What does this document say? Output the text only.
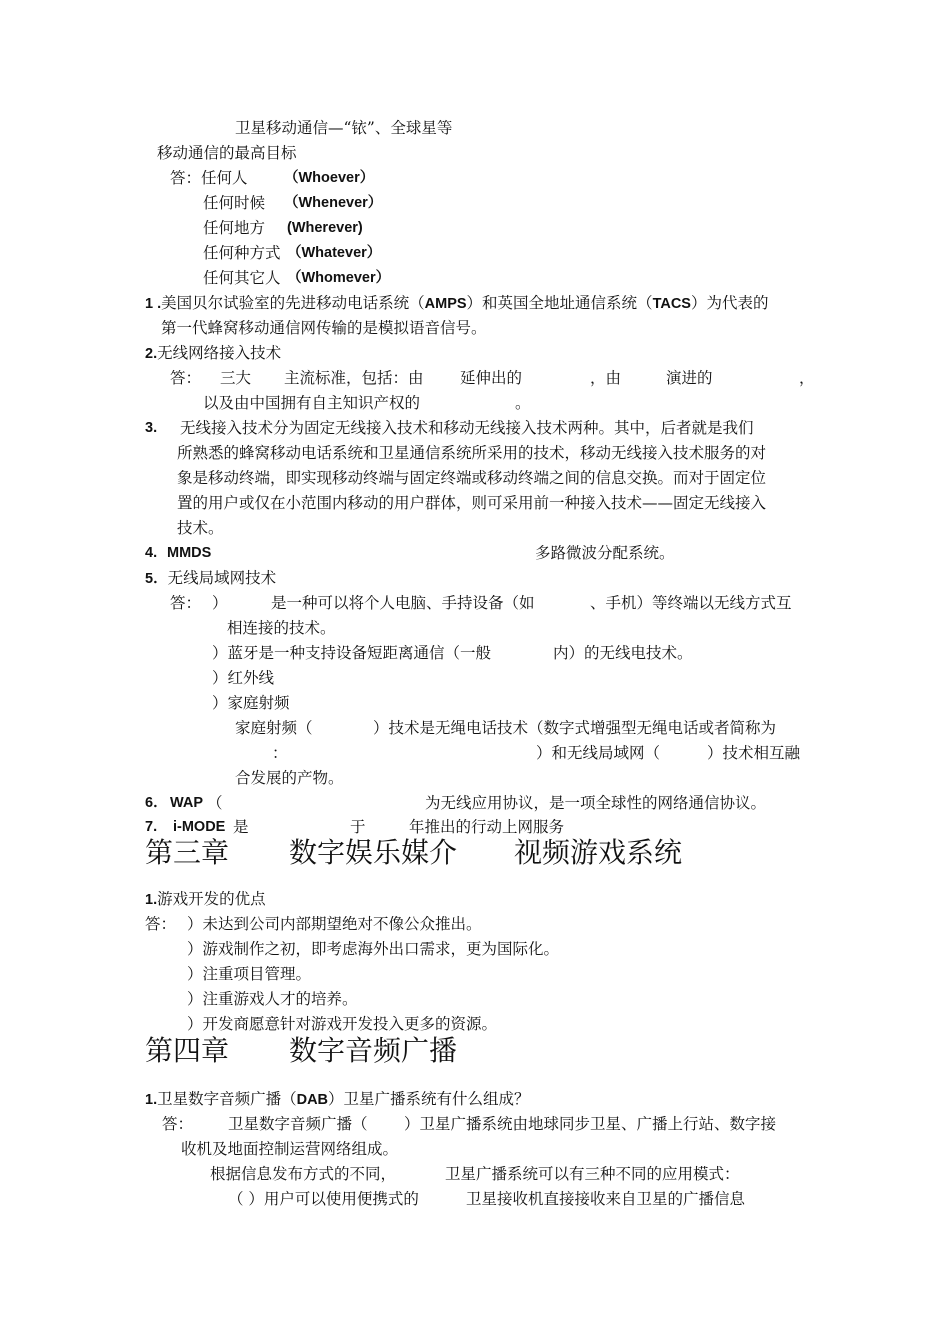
卫星移动通信—“铱”、全球星等
移动通信的最高目标
答：任何人	（Whoever）
任何时候 （Whenever）
任何地方 (Wherever)
任何种方式 （Whatever）
任何其它人 （Whomever）
1 .美国贝尔试验室的先进移动电话系统（AMPS）和英国全地址通信系统（TACS）为代表的
第一代蜂窝移动通信网传输的是模拟语音信号。
2.无线网络接入技术
答： 三大 主流标准，包括：由 延伸出的	，由	演进的	，
以及由中国拥有自主知识产权的	。
3. 无线接入技术分为固定无线接入技术和移动无线接入技术两种。其中，后者就是我们
所熟悉的蜂窝移动电话系统和卫星通信系统所采用的技术，移动无线接入技术服务的对
象是移动终端，即实现移动终端与固定终端或移动终端之间的信息交换。而对于固定位
置的用户或仅在小范围内移动的用户群体，则可采用前一种接入技术——固定无线接入
技术。
4. MMDS	多路微波分配系统。
5．无线局域网技术
答： ）	是一种可以将个人电脑、手持设备（如	、手机）等终端以无线方式互
相连接的技术。
）蓝牙是一种支持设备短距离通信（一般	内）的无线电技术。
）红外线
）家庭射频
家庭射频（	）技术是无绳电话技术（数字式增强型无绳电话或者简称为
：	）和无线局域网（	）技术相互融
合发展的产物。
6． WAP （	为无线应用协议，是一项全球性的网络通信协议。
7. i-MODE 是	于	年推出的行动上网服务
第三章 数字娱乐媒介 视频游戏系统
1.游戏开发的优点
答： ）未达到公司内部期望绝对不像公众推出。
）游戏制作之初，即考虑海外出口需求，更为国际化。
）注重项目管理。
）注重游戏人才的培养。
）开发商愿意针对游戏开发投入更多的资源。
第四章 数字音频广播
1.卫星数字音频广播（DAB）卫星广播系统有什么组成？
答： 卫星数字音频广播（ ）卫星广播系统由地球同步卫星、广播上行站、数字接
收机及地面控制运营网络组成。
根据信息发布方式的不同，	卫星广播系统可以有三种不同的应用模式：
（ ）用户可以使用便携式的	卫星接收机直接接收来自卫星的广播信息
